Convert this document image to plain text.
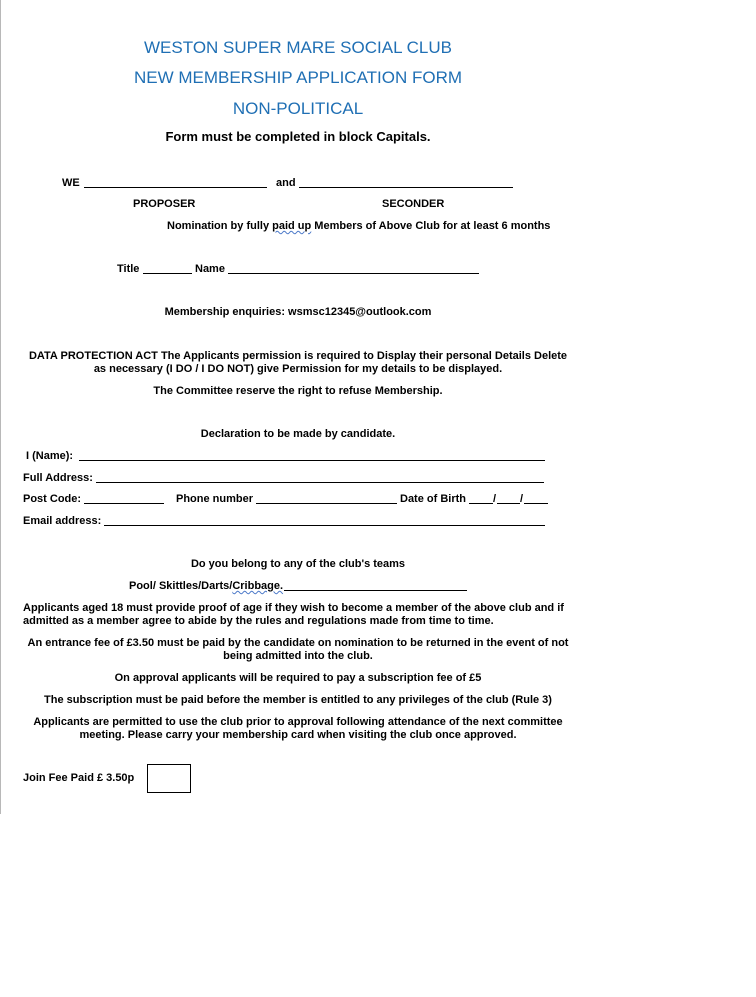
WESTON SUPER MARE SOCIAL CLUB
NEW MEMBERSHIP APPLICATION FORM
NON-POLITICAL
Form must be completed in block Capitals.
WE	and
PROPOSER	SECONDER
Nomination by fully paid up Members of Above Club for at least 6 months
Title	Name
Membership enquiries: wsmsc12345@outlook.com
DATA PROTECTION ACT The Applicants permission is required to Display their personal Details Delete
as necessary (I DO / I DO NOT) give Permission for my details to be displayed.
The Committee reserve the right to refuse Membership.
Declaration to be made by candidate.
I (Name):
Full Address:
Post Code:	Phone number	Date of Birth / /
Email address:
Do you belong to any of the club's teams
Pool/ Skittles/Darts/Cribbage.
Applicants aged 18 must provide proof of age if they wish to become a member of the above club and if
admitted as a member agree to abide by the rules and regulations made from time to time.
An entrance fee of £3.50 must be paid by the candidate on nomination to be returned in the event of not
being admitted into the club.
On approval applicants will be required to pay a subscription fee of £5
The subscription must be paid before the member is entitled to any privileges of the club (Rule 3)
Applicants are permitted to use the club prior to approval following attendance of the next committee
meeting. Please carry your membership card when visiting the club once approved.
Join Fee Paid £ 3.50p
